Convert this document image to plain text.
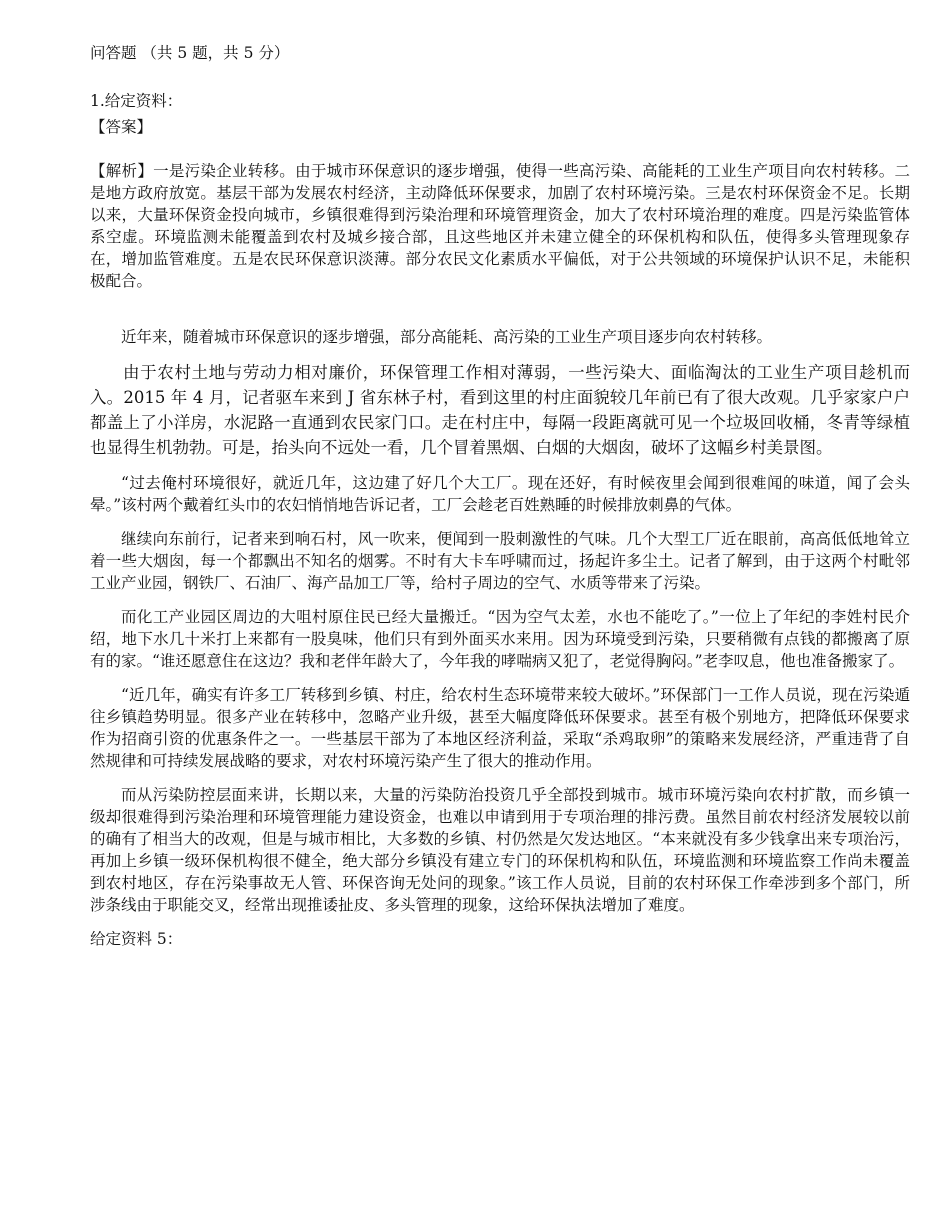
问答题 （共 5 题，共 5 分）
1.给定资料：
【答案】
【解析】一是污染企业转移。由于城市环保意识的逐步增强，使得一些高污染、高能耗的工业生产项目向农村转移。二是地方政府放宽。基层干部为发展农村经济，主动降低环保要求，加剧了农村环境污染。三是农村环保资金不足。长期以来，大量环保资金投向城市，乡镇很难得到污染治理和环境管理资金，加大了农村环境治理的难度。四是污染监管体系空虚。环境监测未能覆盖到农村及城乡接合部，且这些地区并未建立健全的环保机构和队伍，使得多头管理现象存在，增加监管难度。五是农民环保意识淡薄。部分农民文化素质水平偏低，对于公共领域的环境保护认识不足，未能积极配合。

近年来，随着城市环保意识的逐步增强，部分高能耗、高污染的工业生产项目逐步向农村转移。

由于农村土地与劳动力相对廉价，环保管理工作相对薄弱，一些污染大、面临淘汰的工业生产项目趁机而入。2015 年 4 月，记者驱车来到 J 省东林子村，看到这里的村庄面貌较几年前已有了很大改观。几乎家家户户都盖上了小洋房，水泥路一直通到农民家门口。走在村庄中，每隔一段距离就可见一个垃圾回收桶，冬青等绿植也显得生机勃勃。可是，抬头向不远处一看，几个冒着黑烟、白烟的大烟囱，破坏了这幅乡村美景图。

“过去俺村环境很好，就近几年，这边建了好几个大工厂。现在还好，有时候夜里会闻到很难闻的味道，闻了会头晕。”该村两个戴着红头巾的农妇悄悄地告诉记者，工厂会趁老百姓熟睡的时候排放刺鼻的气体。

继续向东前行，记者来到响石村，风一吹来，便闻到一股刺激性的气味。几个大型工厂近在眼前，高高低低地耸立着一些大烟囱，每一个都飘出不知名的烟雾。不时有大卡车呼啸而过，扬起许多尘土。记者了解到，由于这两个村毗邻工业产业园，钢铁厂、石油厂、海产品加工厂等，给村子周边的空气、水质等带来了污染。

而化工产业园区周边的大咀村原住民已经大量搬迁。“因为空气太差，水也不能吃了。”一位上了年纪的李姓村民介绍，地下水几十米打上来都有一股臭味，他们只有到外面买水来用。因为环境受到污染，只要稍微有点钱的都搬离了原有的家。“谁还愿意住在这边？我和老伴年龄大了，今年我的哮喘病又犯了，老觉得胸闷。”老李叹息，他也准备搬家了。

“近几年，确实有许多工厂转移到乡镇、村庄，给农村生态环境带来较大破坏。”环保部门一工作人员说，现在污染遁往乡镇趋势明显。很多产业在转移中，忽略产业升级，甚至大幅度降低环保要求。甚至有极个别地方，把降低环保要求作为招商引资的优惠条件之一。一些基层干部为了本地区经济利益，采取“杀鸡取卵”的策略来发展经济，严重违背了自然规律和可持续发展战略的要求，对农村环境污染产生了很大的推动作用。

而从污染防控层面来讲，长期以来，大量的污染防治投资几乎全部投到城市。城市环境污染向农村扩散，而乡镇一级却很难得到污染治理和环境管理能力建设资金，也难以申请到用于专项治理的排污费。虽然目前农村经济发展较以前的确有了相当大的改观，但是与城市相比，大多数的乡镇、村仍然是欠发达地区。“本来就没有多少钱拿出来专项治污，再加上乡镇一级环保机构很不健全，绝大部分乡镇没有建立专门的环保机构和队伍，环境监测和环境监察工作尚未覆盖到农村地区，存在污染事故无人管、环保咨询无处问的现象。”该工作人员说，目前的农村环保工作牵涉到多个部门，所涉条线由于职能交叉，经常出现推诿扯皮、多头管理的现象，这给环保执法增加了难度。

给定资料 5：
